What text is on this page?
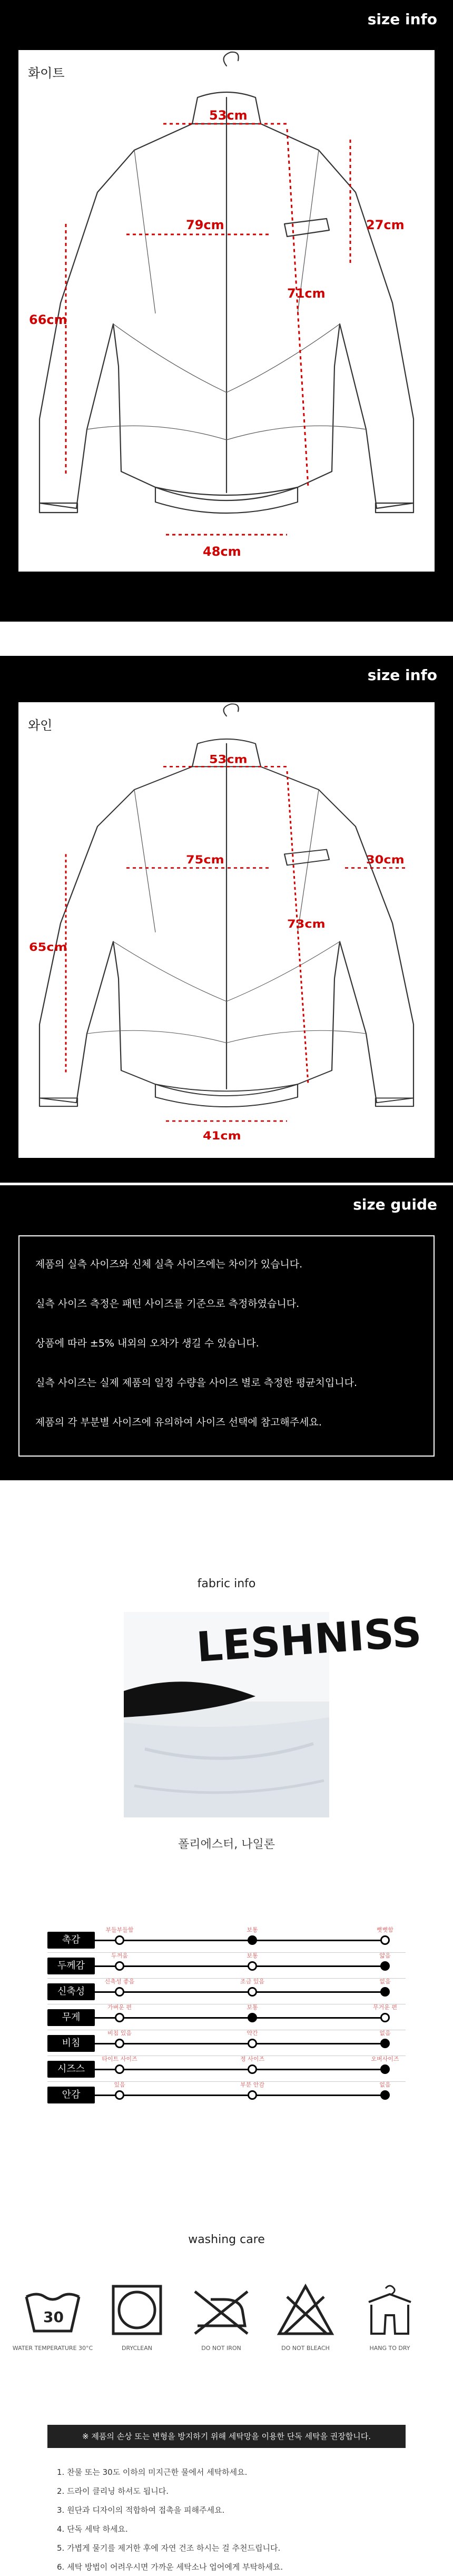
size info
화이트
53cm
79cm	27cm
71cm
66cm
48cm
size info
와인
53cm
75cm	30cm
73cm
65cm
41cm
size guide
제품의 실측 사이즈와 신체 실측 사이즈에는 차이가 있습니다.
실측 사이즈 측정은 패턴 사이즈를 기준으로 측정하였습니다.
상품에 따라 ±5% 내외의 오차가 생길 수 있습니다.
실측 사이즈는 실제 제품의 일정 수량을 사이즈 별로 측정한 평균치입니다.
제품의 각 부분별 사이즈에 유의하여 사이즈 선택에 참고해주세요.
fabric info
LESHNISS
폴리에스터, 나일론
촉감
부들부들함	보통	뻣뻣함
두께감
두꺼움	보통	얇음
신축성
신축성 좋음	조금 있음	없음
무게
가벼운 편	보통	무거운 편
비침
비침 있음	약간	없음
시즈스
타이트 사이즈	정 사이즈	오버사이즈
안감
있음	부분 안감	없음
washing care
30
WATER TEMPERATURE 30°C	DRYCLEAN	DO NOT IRON	DO NOT BLEACH	HANG TO DRY
※ 제품의 손상 또는 변형을 방지하기 위해 세탁망을 이용한 단독 세탁을 권장합니다.
1. 찬물 또는 30도 이하의 미지근한 물에서 세탁하세요.
2. 드라이 클리닝 하셔도 됩니다.
3. 원단과 디자이의 적합하여 접촉을 피해주세요.
4. 단독 세탁 하세요.
5. 가볍게 물기를 제거한 후에 자연 건조 하시는 걸 추천드립니다.
6. 세탁 방법이 어려우시면 가까운 세탁소나 업어에게 부탁하세요.
